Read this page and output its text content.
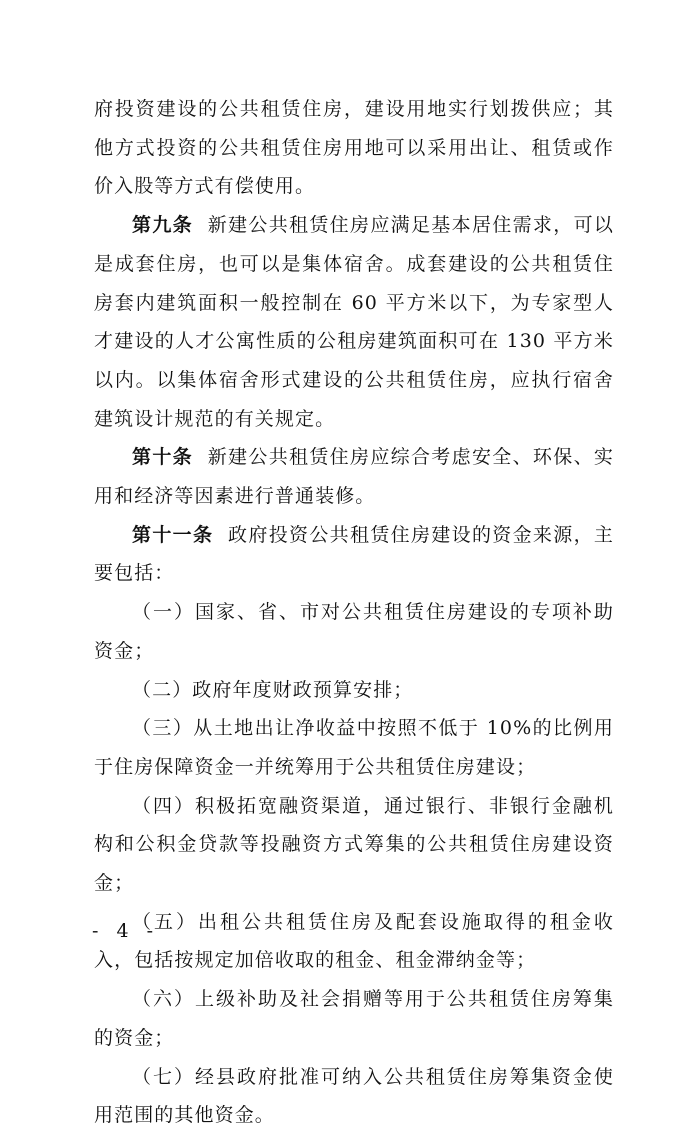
府投资建设的公共租赁住房，建设用地实行划拨供应；其他方式投资的公共租赁住房用地可以采用出让、租赁或作价入股等方式有偿使用。

第九条 新建公共租赁住房应满足基本居住需求，可以是成套住房，也可以是集体宿舍。成套建设的公共租赁住房套内建筑面积一般控制在 60 平方米以下，为专家型人才建设的人才公寓性质的公租房建筑面积可在 130 平方米以内。以集体宿舍形式建设的公共租赁住房，应执行宿舍建筑设计规范的有关规定。

第十条 新建公共租赁住房应综合考虑安全、环保、实用和经济等因素进行普通装修。

第十一条 政府投资公共租赁住房建设的资金来源，主要包括：

（一）国家、省、市对公共租赁住房建设的专项补助资金；

（二）政府年度财政预算安排；

（三）从土地出让净收益中按照不低于 10%的比例用于住房保障资金一并统筹用于公共租赁住房建设；

（四）积极拓宽融资渠道，通过银行、非银行金融机构和公积金贷款等投融资方式筹集的公共租赁住房建设资金；

（五）出租公共租赁住房及配套设施取得的租金收入，包括按规定加倍收取的租金、租金滞纳金等；

（六）上级补助及社会捐赠等用于公共租赁住房筹集的资金；

（七）经县政府批准可纳入公共租赁住房筹集资金使用范围的其他资金。

- 4 -
